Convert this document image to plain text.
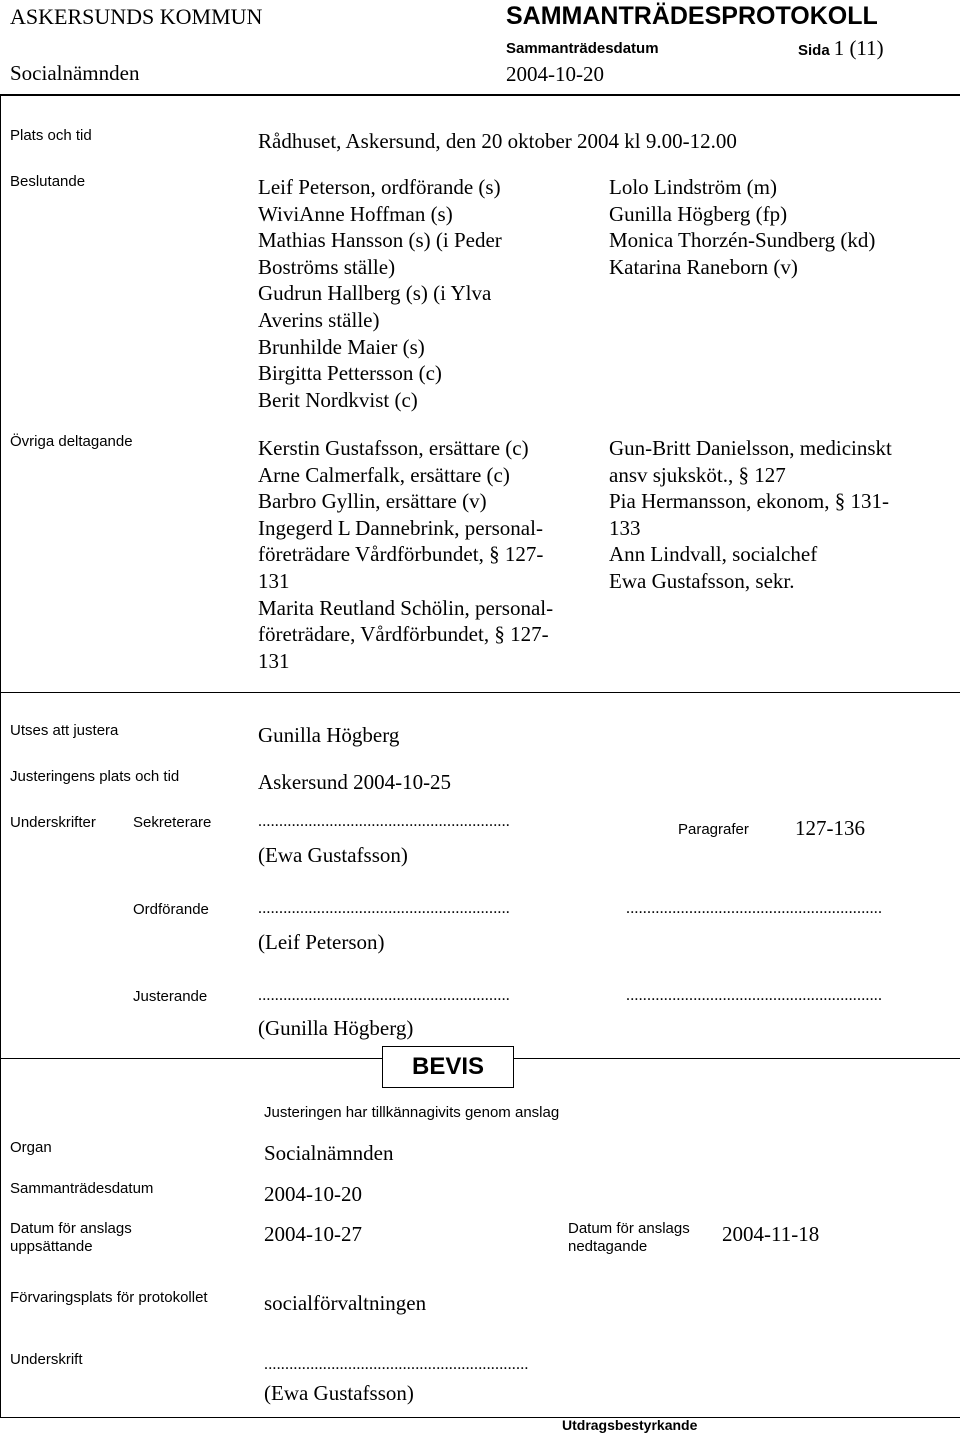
ASKERSUNDS KOMMUN
Socialnämnden
SAMMANTRÄDESPROTOKOLL
Sammanträdesdatum
2004-10-20
Sida 1 (11)
Plats och tid	Rådhuset, Askersund, den 20 oktober 2004 kl 9.00-12.00
Beslutande	Leif Peterson, ordförande (s)
WiviAnne Hoffman (s)
Mathias Hansson (s) (i Peder
Boströms ställe)
Gudrun Hallberg (s) (i Ylva
Averins ställe)
Brunhilde Maier (s)
Birgitta Pettersson (c)
Berit Nordkvist (c)
Lolo Lindström (m)
Gunilla Högberg (fp)
Monica Thorzén-Sundberg (kd)
Katarina Raneborn (v)
Övriga deltagande	Kerstin Gustafsson, ersättare (c)
Arne Calmerfalk, ersättare (c)
Barbro Gyllin, ersättare (v)
Ingegerd L Dannebrink, personal-
företrädare Vårdförbundet, § 127-
131
Marita Reutland Schölin, personal-
företrädare, Vårdförbundet, § 127-
131
Gun-Britt Danielsson, medicinskt
ansv sjuksköt., § 127
Pia Hermansson, ekonom, § 131-
133
Ann Lindvall, socialchef
Ewa Gustafsson, sekr.
Utses att justera	Gunilla Högberg
Justeringens plats och tid	Askersund 2004-10-25
Underskrifter Sekreterare	............................................................
(Ewa Gustafsson)
Paragrafer 127-136
Ordförande	............................................................	.............................................................
(Leif Peterson)
Justerande	............................................................	.............................................................
(Gunilla Högberg)
BEVIS
Justeringen har tillkännagivits genom anslag
Organ	Socialnämnden
Sammanträdesdatum	2004-10-20
Datum för anslags
uppsättande
2004-10-27	Datum för anslags
nedtagande
2004-11-18
Förvaringsplats för protokollet	socialförvaltningen
Underskrift	...............................................................
(Ewa Gustafsson)
Utdragsbestyrkande
